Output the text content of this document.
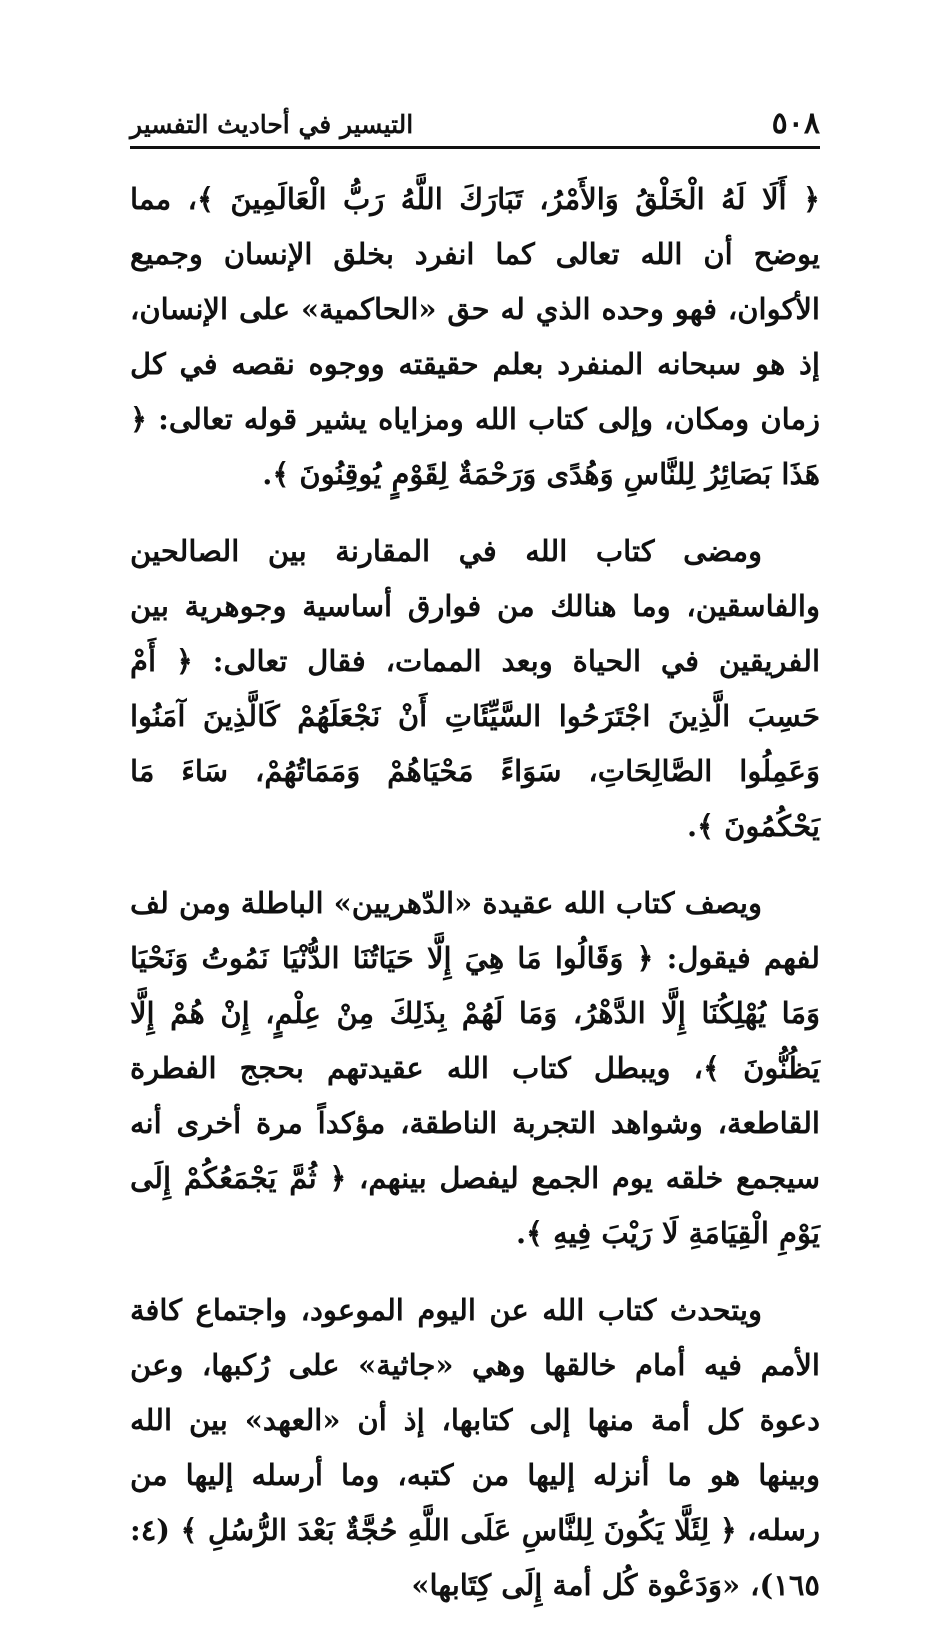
٥٠٨
التيسير في أحاديث التفسير

﴿ أَلَا لَهُ الْخَلْقُ وَالأَمْرُ، تَبَارَكَ اللَّهُ رَبُّ الْعَالَمِينَ ﴾، مما يوضح أن الله تعالى كما انفرد بخلق الإنسان وجميع الأكوان، فهو وحده الذي له حق «الحاكمية» على الإنسان، إذ هو سبحانه المنفرد بعلم حقيقته ووجوه نقصه في كل زمان ومكان، وإلى كتاب الله ومزاياه يشير قوله تعالى: ﴿ هَذَا بَصَائِرُ لِلنَّاسِ وَهُدًى وَرَحْمَةٌ لِقَوْمٍ يُوقِنُونَ ﴾.

ومضى كتاب الله في المقارنة بين الصالحين والفاسقين، وما هنالك من فوارق أساسية وجوهرية بين الفريقين في الحياة وبعد الممات، فقال تعالى: ﴿ أَمْ حَسِبَ الَّذِينَ اجْتَرَحُوا السَّيِّئَاتِ أَنْ نَجْعَلَهُمْ كَالَّذِينَ آمَنُوا وَعَمِلُوا الصَّالِحَاتِ، سَوَاءً مَحْيَاهُمْ وَمَمَاتُهُمْ، سَاءَ مَا يَحْكُمُونَ ﴾.

ويصف كتاب الله عقيدة «الدّهريين» الباطلة ومن لف لفهم فيقول: ﴿ وَقَالُوا مَا هِيَ إِلَّا حَيَاتُنَا الدُّنْيَا نَمُوتُ وَنَحْيَا وَمَا يُهْلِكُنَا إِلَّا الدَّهْرُ، وَمَا لَهُمْ بِذَلِكَ مِنْ عِلْمٍ، إِنْ هُمْ إِلَّا يَظُنُّونَ ﴾، ويبطل كتاب الله عقيدتهم بحجج الفطرة القاطعة، وشواهد التجربة الناطقة، مؤكداً مرة أخرى أنه سيجمع خلقه يوم الجمع ليفصل بينهم، ﴿ ثُمَّ يَجْمَعُكُمْ إِلَى يَوْمِ الْقِيَامَةِ لَا رَيْبَ فِيهِ ﴾.

ويتحدث كتاب الله عن اليوم الموعود، واجتماع كافة الأمم فيه أمام خالقها وهي «جاثية» على رُكبها، وعن دعوة كل أمة منها إلى كتابها، إذ أن «العهد» بين الله وبينها هو ما أنزله إليها من كتبه، وما أرسله إليها من رسله، ﴿ لِئَلَّا يَكُونَ لِلنَّاسِ عَلَى اللَّهِ حُجَّةٌ بَعْدَ الرُّسُلِ ﴾ (٤: ١٦٥)، «وَدَعْوة كُل أمة إِلَى كِتَابها»
